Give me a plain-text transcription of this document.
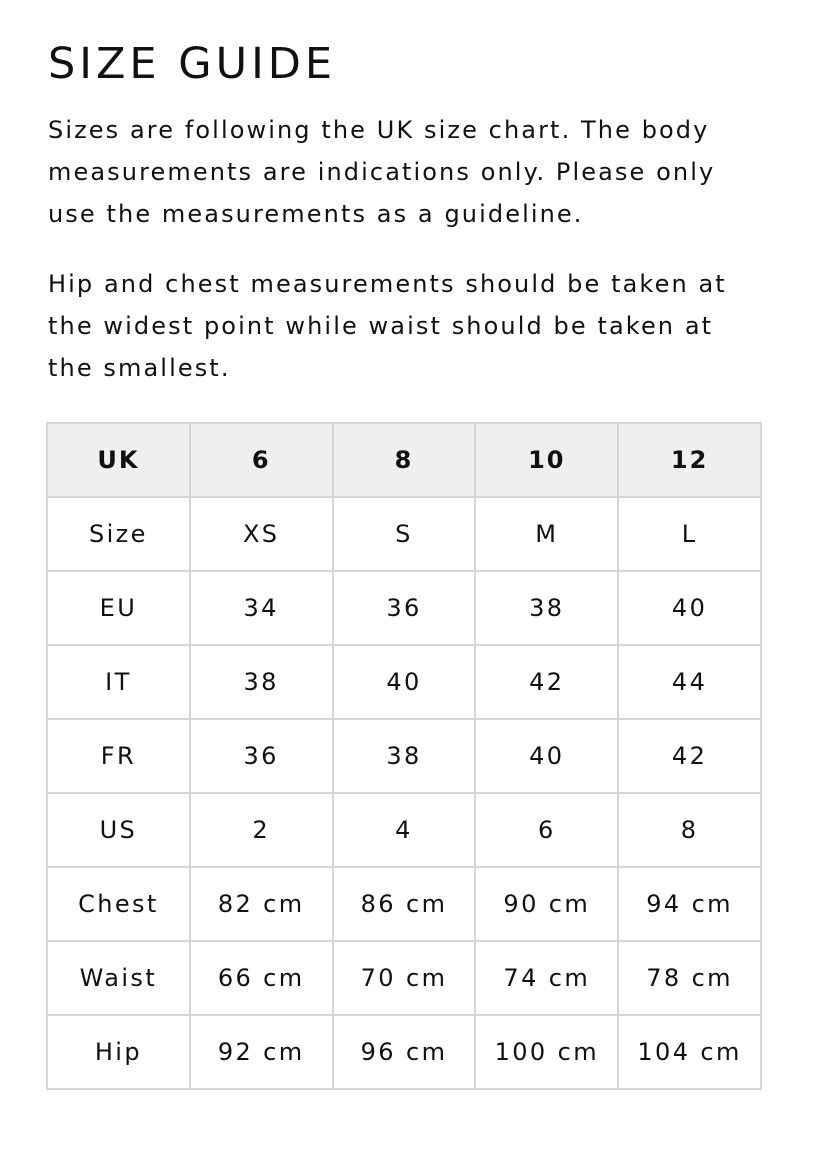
SIZE GUIDE

Sizes are following the UK size chart. The body measurements are indications only. Please only use the measurements as a guideline.

Hip and chest measurements should be taken at the widest point while waist should be taken at the smallest.

UK	6	8	10	12
Size	XS	S	M	L
EU	34	36	38	40
IT	38	40	42	44
FR	36	38	40	42
US	2	4	6	8
Chest	82 cm	86 cm	90 cm	94 cm
Waist	66 cm	70 cm	74 cm	78 cm
Hip	92 cm	96 cm	100 cm	104 cm
